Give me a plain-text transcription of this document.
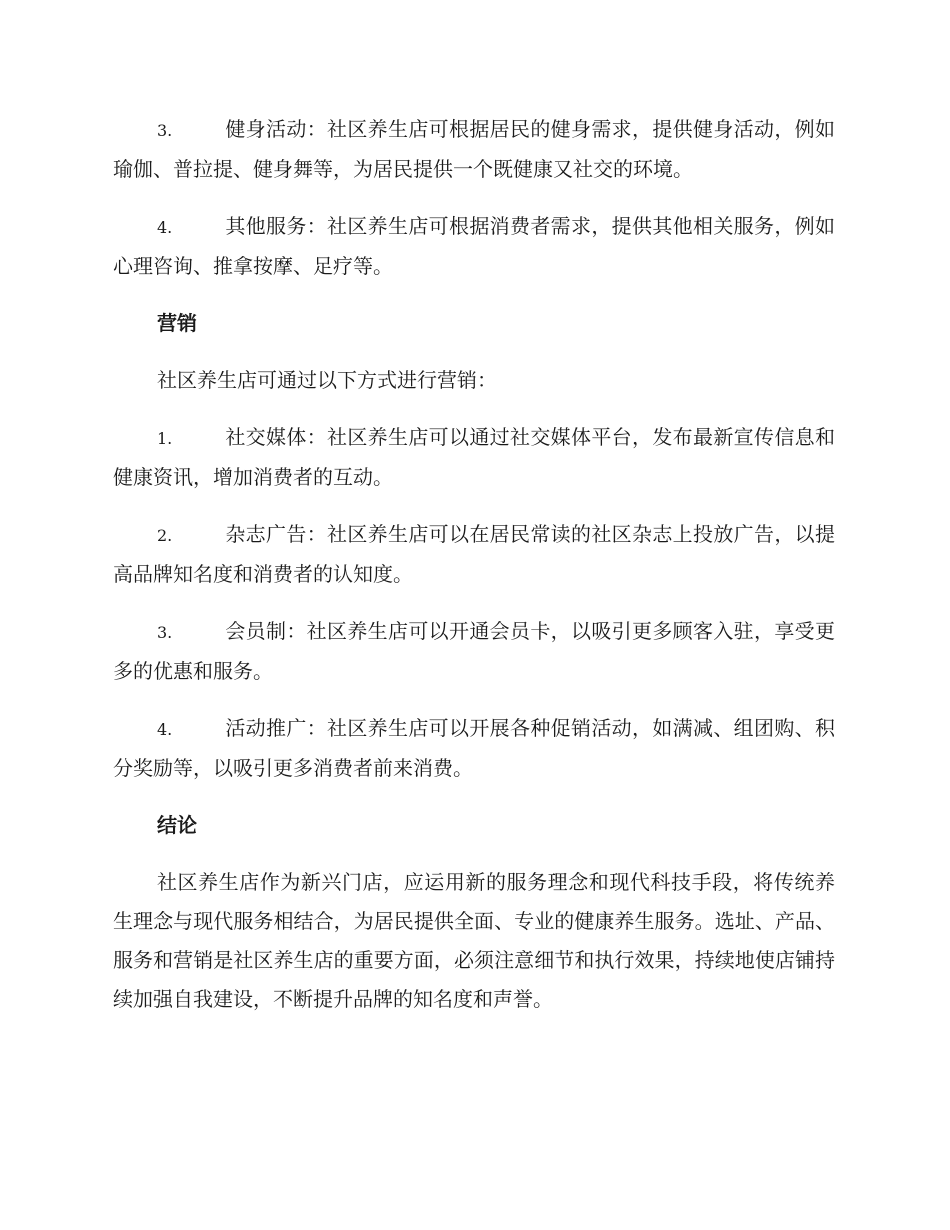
3.	健身活动：社区养生店可根据居民的健身需求，提供健身活动，例如瑜伽、普拉提、健身舞等，为居民提供一个既健康又社交的环境。

4.	其他服务：社区养生店可根据消费者需求，提供其他相关服务，例如心理咨询、推拿按摩、足疗等。

营销

社区养生店可通过以下方式进行营销：

1.	社交媒体：社区养生店可以通过社交媒体平台，发布最新宣传信息和健康资讯，增加消费者的互动。

2.	杂志广告：社区养生店可以在居民常读的社区杂志上投放广告，以提高品牌知名度和消费者的认知度。

3.	会员制：社区养生店可以开通会员卡，以吸引更多顾客入驻，享受更多的优惠和服务。

4.	活动推广：社区养生店可以开展各种促销活动，如满减、组团购、积分奖励等，以吸引更多消费者前来消费。

结论

社区养生店作为新兴门店，应运用新的服务理念和现代科技手段，将传统养生理念与现代服务相结合，为居民提供全面、专业的健康养生服务。选址、产品、服务和营销是社区养生店的重要方面，必须注意细节和执行效果，持续地使店铺持续加强自我建设，不断提升品牌的知名度和声誉。
